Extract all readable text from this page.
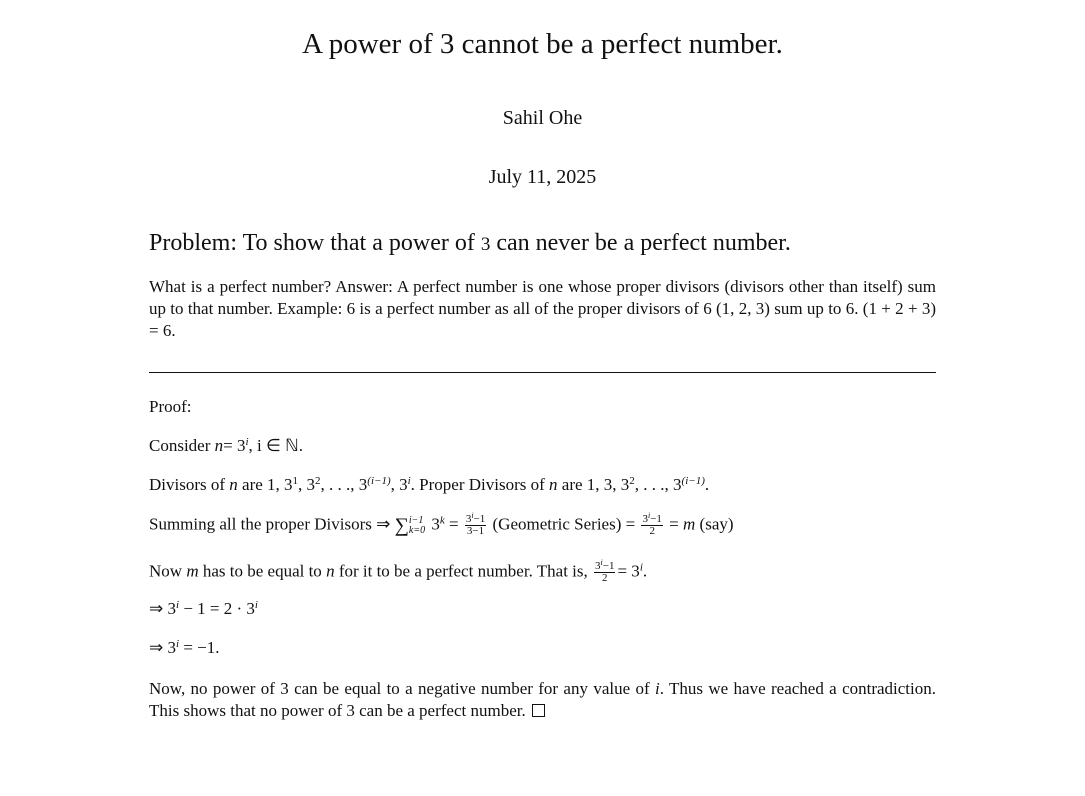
A power of 3 cannot be a perfect number.
Sahil Ohe
July 11, 2025
Problem: To show that a power of 3 can never be a perfect number.
What is a perfect number? Answer: A perfect number is one whose proper divisors (divisors other than itself) sum up to that number. Example: 6 is a perfect number as all of the proper divisors of 6 (1, 2, 3) sum up to 6. (1 + 2 + 3) = 6.
Proof:
Consider $n= 3^i$, i ∈ ℕ.
Divisors of n are 1, $3^1$, $3^2$, . . ., $3^{(i-1)}$, 3$^i$. Proper Divisors of n are 1, 3, $3^2$, . . ., $3^{(i-1)}$.
Summing all the proper Divisors ⇒ ∑ i−1
k=0 $3^k = \frac{3^i-1}{3-1}$ (Geometric Series) = $\frac{3^i-1}{2} = m$ (say)
Now m has to be equal to n for it to be a perfect number. That is, $\frac{3^i-1}{2} = 3^i$.
⇒ $3^i - 1 = 2 \cdot 3^i$
⇒ $3^i = -1$.
Now, no power of 3 can be equal to a negative number for any value of i. Thus we have reached a contradiction. This shows that no power of 3 can be a perfect number.
